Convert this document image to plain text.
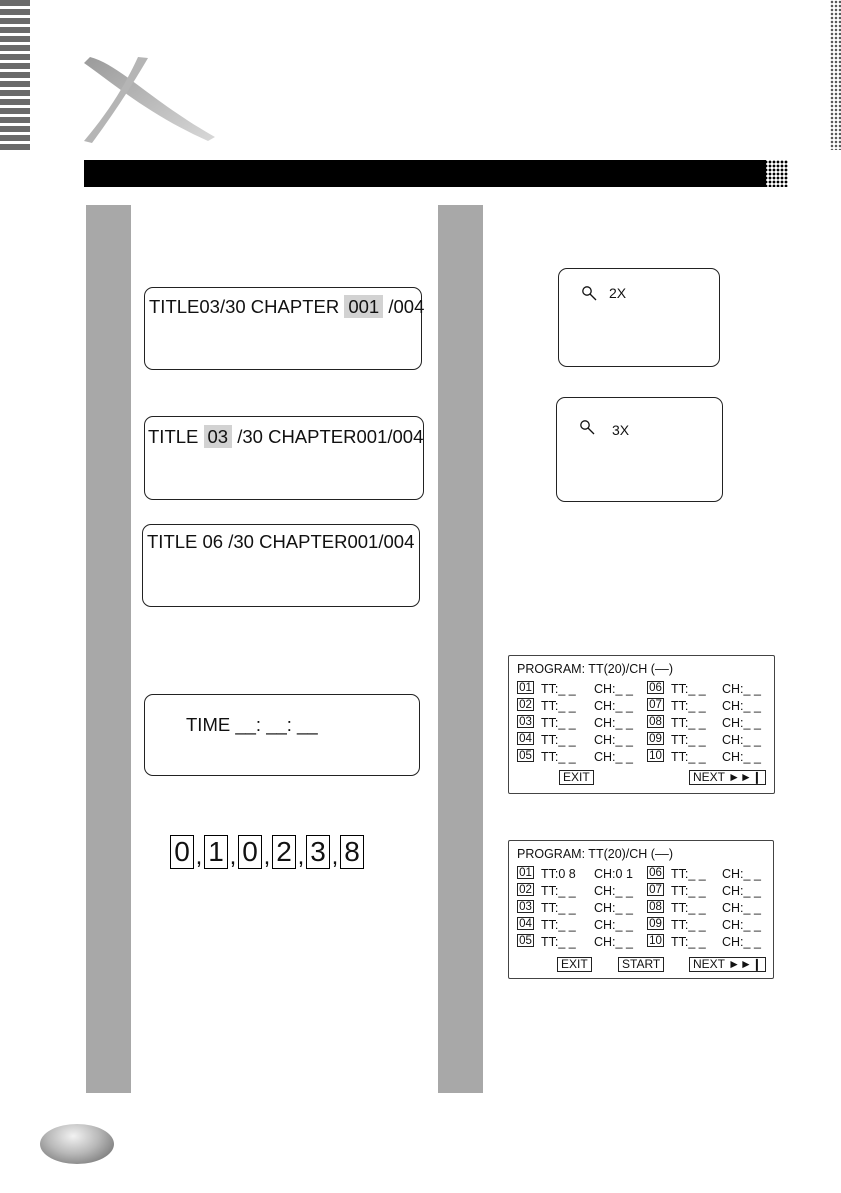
TITLE03/30 CHAPTER 001 /004
TITLE 03 /30 CHAPTER001/004
TITLE 06 /30 CHAPTER001/004
TIME __: __: __
0 , 1 , 0 , 2 , 3 , 8
2X
3X
PROGRAM: TT(20)/CH (––)
01 TT:_ _ CH:_ _ 06 TT:_ _ CH:_ _
02 TT:_ _ CH:_ _ 07 TT:_ _ CH:_ _
03 TT:_ _ CH:_ _ 08 TT:_ _ CH:_ _
04 TT:_ _ CH:_ _ 09 TT:_ _ CH:_ _
05 TT:_ _ CH:_ _ 10 TT:_ _ CH:_ _
EXIT	NEXT ►►❙
PROGRAM: TT(20)/CH (––)
01 TT:0 8 CH:0 1 06 TT:_ _ CH:_ _
02 TT:_ _ CH:_ _ 07 TT:_ _ CH:_ _
03 TT:_ _ CH:_ _ 08 TT:_ _ CH:_ _
04 TT:_ _ CH:_ _ 09 TT:_ _ CH:_ _
05 TT:_ _ CH:_ _ 10 TT:_ _ CH:_ _
EXIT	START	NEXT ►►❙
